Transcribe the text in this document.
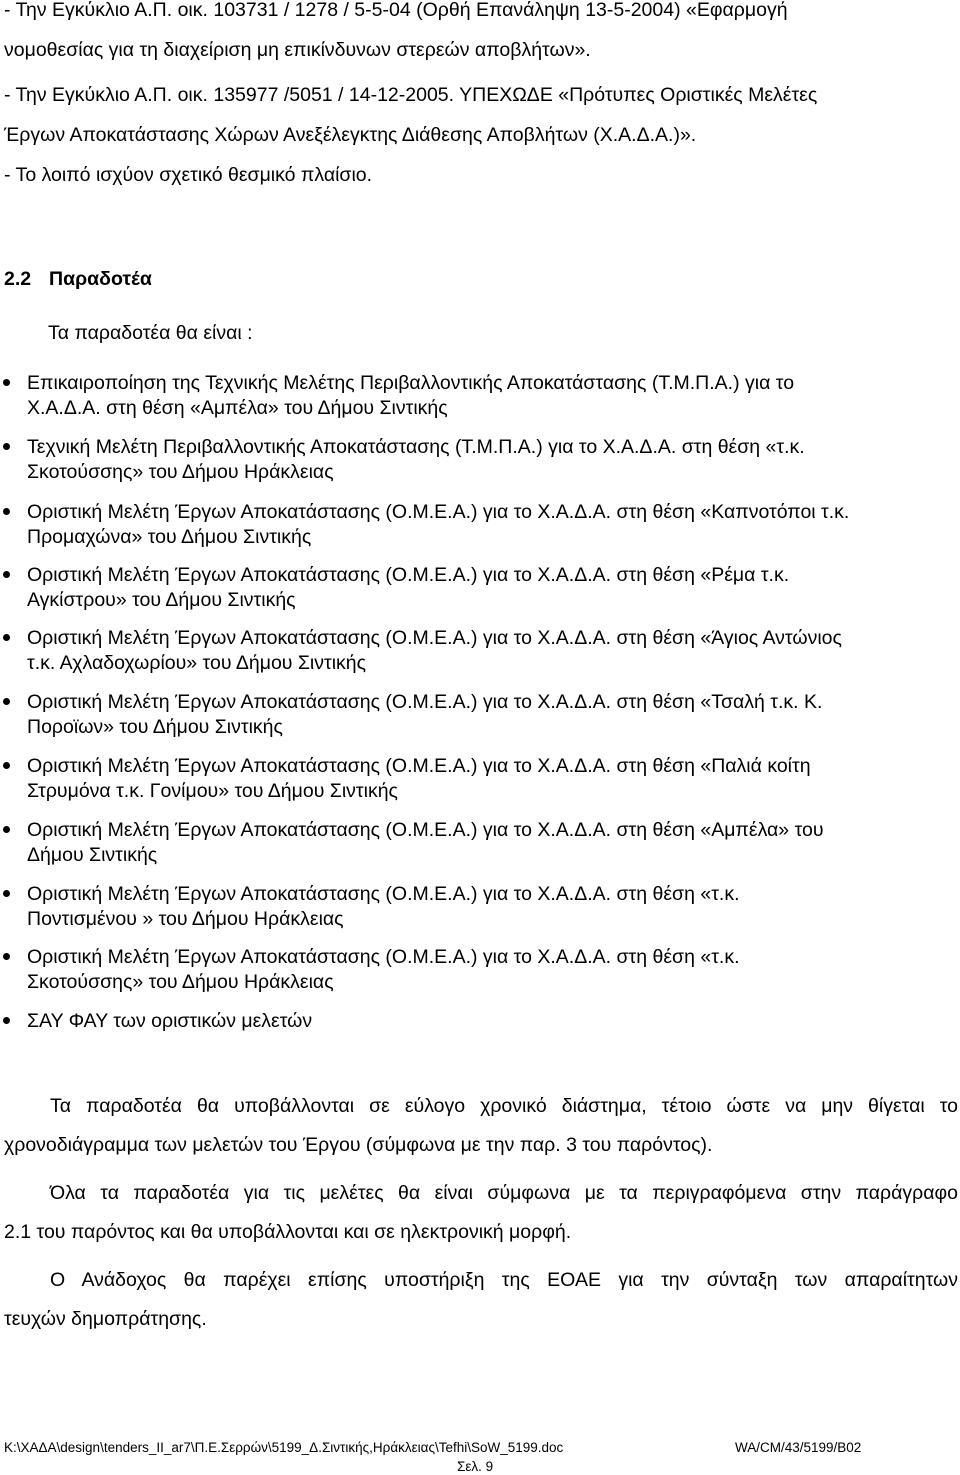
- Την Εγκύκλιο Α.Π. οικ. 103731 / 1278 / 5-5-04 (Ορθή Επανάληψη 13-5-2004) «Εφαρμογή
νομοθεσίας για τη διαχείριση μη επικίνδυνων στερεών αποβλήτων».
- Την Εγκύκλιο Α.Π. οικ. 135977 /5051 / 14-12-2005. ΥΠΕΧΩΔΕ «Πρότυπες Οριστικές Μελέτες
Έργων Αποκατάστασης Χώρων Ανεξέλεγκτης Διάθεσης Αποβλήτων (Χ.Α.Δ.Α.)».
- Το λοιπό ισχύον σχετικό θεσμικό πλαίσιο.
2.2 Παραδοτέα
Τα παραδοτέα θα είναι :
Επικαιροποίηση της Τεχνικής Μελέτης Περιβαλλοντικής Αποκατάστασης (Τ.Μ.Π.Α.) για το
Χ.Α.Δ.Α. στη θέση «Αμπέλα» του Δήμου Σιντικής
Τεχνική Μελέτη Περιβαλλοντικής Αποκατάστασης (Τ.Μ.Π.Α.) για το Χ.Α.Δ.Α. στη θέση «τ.κ.
Σκοτούσσης» του Δήμου Ηράκλειας
Οριστική Μελέτη Έργων Αποκατάστασης (Ο.Μ.Ε.Α.) για το Χ.Α.Δ.Α. στη θέση «Καπνοτόποι τ.κ.
Προμαχώνα» του Δήμου Σιντικής
Οριστική Μελέτη Έργων Αποκατάστασης (Ο.Μ.Ε.Α.) για το Χ.Α.Δ.Α. στη θέση «Ρέμα τ.κ.
Αγκίστρου» του Δήμου Σιντικής
Οριστική Μελέτη Έργων Αποκατάστασης (Ο.Μ.Ε.Α.) για το Χ.Α.Δ.Α. στη θέση «Άγιος Αντώνιος
τ.κ. Αχλαδοχωρίου» του Δήμου Σιντικής
Οριστική Μελέτη Έργων Αποκατάστασης (Ο.Μ.Ε.Α.) για το Χ.Α.Δ.Α. στη θέση «Τσαλή τ.κ. Κ.
Ποροϊων» του Δήμου Σιντικής
Οριστική Μελέτη Έργων Αποκατάστασης (Ο.Μ.Ε.Α.) για το Χ.Α.Δ.Α. στη θέση «Παλιά κοίτη
Στρυμόνα τ.κ. Γονίμου» του Δήμου Σιντικής
Οριστική Μελέτη Έργων Αποκατάστασης (Ο.Μ.Ε.Α.) για το Χ.Α.Δ.Α. στη θέση «Αμπέλα» του
Δήμου Σιντικής
Οριστική Μελέτη Έργων Αποκατάστασης (Ο.Μ.Ε.Α.) για το Χ.Α.Δ.Α. στη θέση «τ.κ.
Ποντισμένου » του Δήμου Ηράκλειας
Οριστική Μελέτη Έργων Αποκατάστασης (Ο.Μ.Ε.Α.) για το Χ.Α.Δ.Α. στη θέση «τ.κ.
Σκοτούσσης» του Δήμου Ηράκλειας
ΣΑΥ ΦΑΥ των οριστικών μελετών
Τα παραδοτέα θα υποβάλλονται σε εύλογο χρονικό διάστημα, τέτοιο ώστε να μην θίγεται το
χρονοδιάγραμμα των μελετών του Έργου (σύμφωνα με την παρ. 3 του παρόντος).
Όλα τα παραδοτέα για τις μελέτες θα είναι σύμφωνα με τα περιγραφόμενα στην παράγραφο
2.1 του παρόντος και θα υποβάλλονται και σε ηλεκτρονική μορφή.
Ο Ανάδοχος θα παρέχει επίσης υποστήριξη της ΕΟΑΕ για την σύνταξη των απαραίτητων
τευχών δημοπράτησης.
K:\ΧΑΔΑ\design\tenders_II_ar7\Π.Ε.Σερρών\5199_Δ.Σιντικής,Ηράκλειας\Tefhi\SoW_5199.doc	WA/CM/43/5199/B02
Σελ. 9
